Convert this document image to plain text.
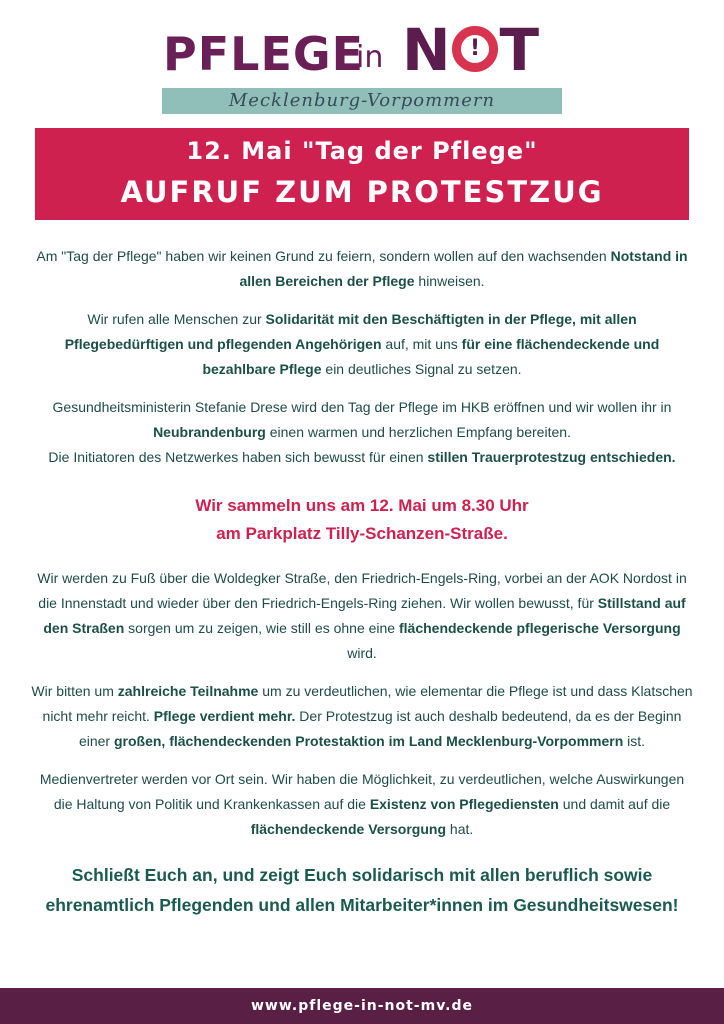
PFLEGE
in N ! T
Mecklenburg-Vorpommern
12. Mai "Tag der Pflege"
AUFRUF ZUM PROTESTZUG

Am "Tag der Pflege" haben wir keinen Grund zu feiern, sondern wollen auf den wachsenden Notstand in allen Bereichen der Pflege hinweisen.

Wir rufen alle Menschen zur Solidarität mit den Beschäftigten in der Pflege, mit allen Pflegebedürftigen und pflegenden Angehörigen auf, mit uns für eine flächendeckende und bezahlbare Pflege ein deutliches Signal zu setzen.

Gesundheitsministerin Stefanie Drese wird den Tag der Pflege im HKB eröffnen und wir wollen ihr in Neubrandenburg einen warmen und herzlichen Empfang bereiten.
Die Initiatoren des Netzwerkes haben sich bewusst für einen stillen Trauerprotestzug entschieden.

Wir sammeln uns am 12. Mai um 8.30 Uhr
am Parkplatz Tilly-Schanzen-Straße.

Wir werden zu Fuß über die Woldegker Straße, den Friedrich-Engels-Ring, vorbei an der AOK Nordost in die Innenstadt und wieder über den Friedrich-Engels-Ring ziehen. Wir wollen bewusst, für Stillstand auf den Straßen sorgen um zu zeigen, wie still es ohne eine flächendeckende pflegerische Versorgung wird.

Wir bitten um zahlreiche Teilnahme um zu verdeutlichen, wie elementar die Pflege ist und dass Klatschen nicht mehr reicht. Pflege verdient mehr. Der Protestzug ist auch deshalb bedeutend, da es der Beginn einer großen, flächendeckenden Protestaktion im Land Mecklenburg-Vorpommern ist.

Medienvertreter werden vor Ort sein. Wir haben die Möglichkeit, zu verdeutlichen, welche Auswirkungen die Haltung von Politik und Krankenkassen auf die Existenz von Pflegediensten und damit auf die flächendeckende Versorgung hat.

Schließt Euch an, und zeigt Euch solidarisch mit allen beruflich sowie ehrenamtlich Pflegenden und allen Mitarbeiter*innen im Gesundheitswesen!

www.pflege-in-not-mv.de
